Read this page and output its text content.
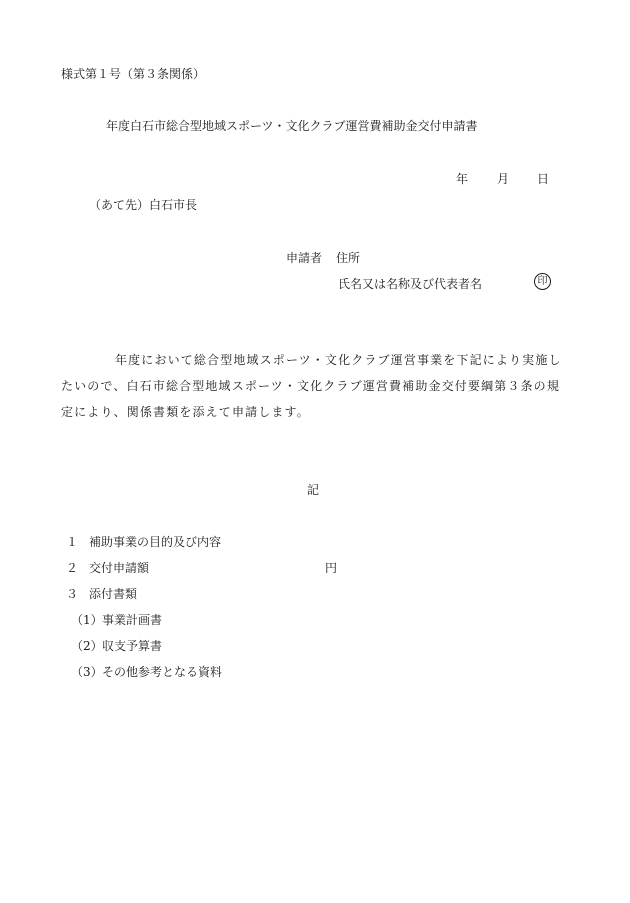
様式第１号（第３条関係）
年度白石市総合型地域スポーツ・文化クラブ運営費補助金交付申請書
年 月 日
（あて先）白石市長
申請者 住所
氏名又は名称及び代表者名	印
年度において総合型地域スポーツ・文化クラブ運営事業を下記により実施し
たいので、白石市総合型地域スポーツ・文化クラブ運営費補助金交付要綱第３条の規
定により、関係書類を添えて申請します。
記
１ 補助事業の目的及び内容
２ 交付申請額	円
３ 添付書類
（1） 事業計画書
（2） 収支予算書
（3） その他参考となる資料
